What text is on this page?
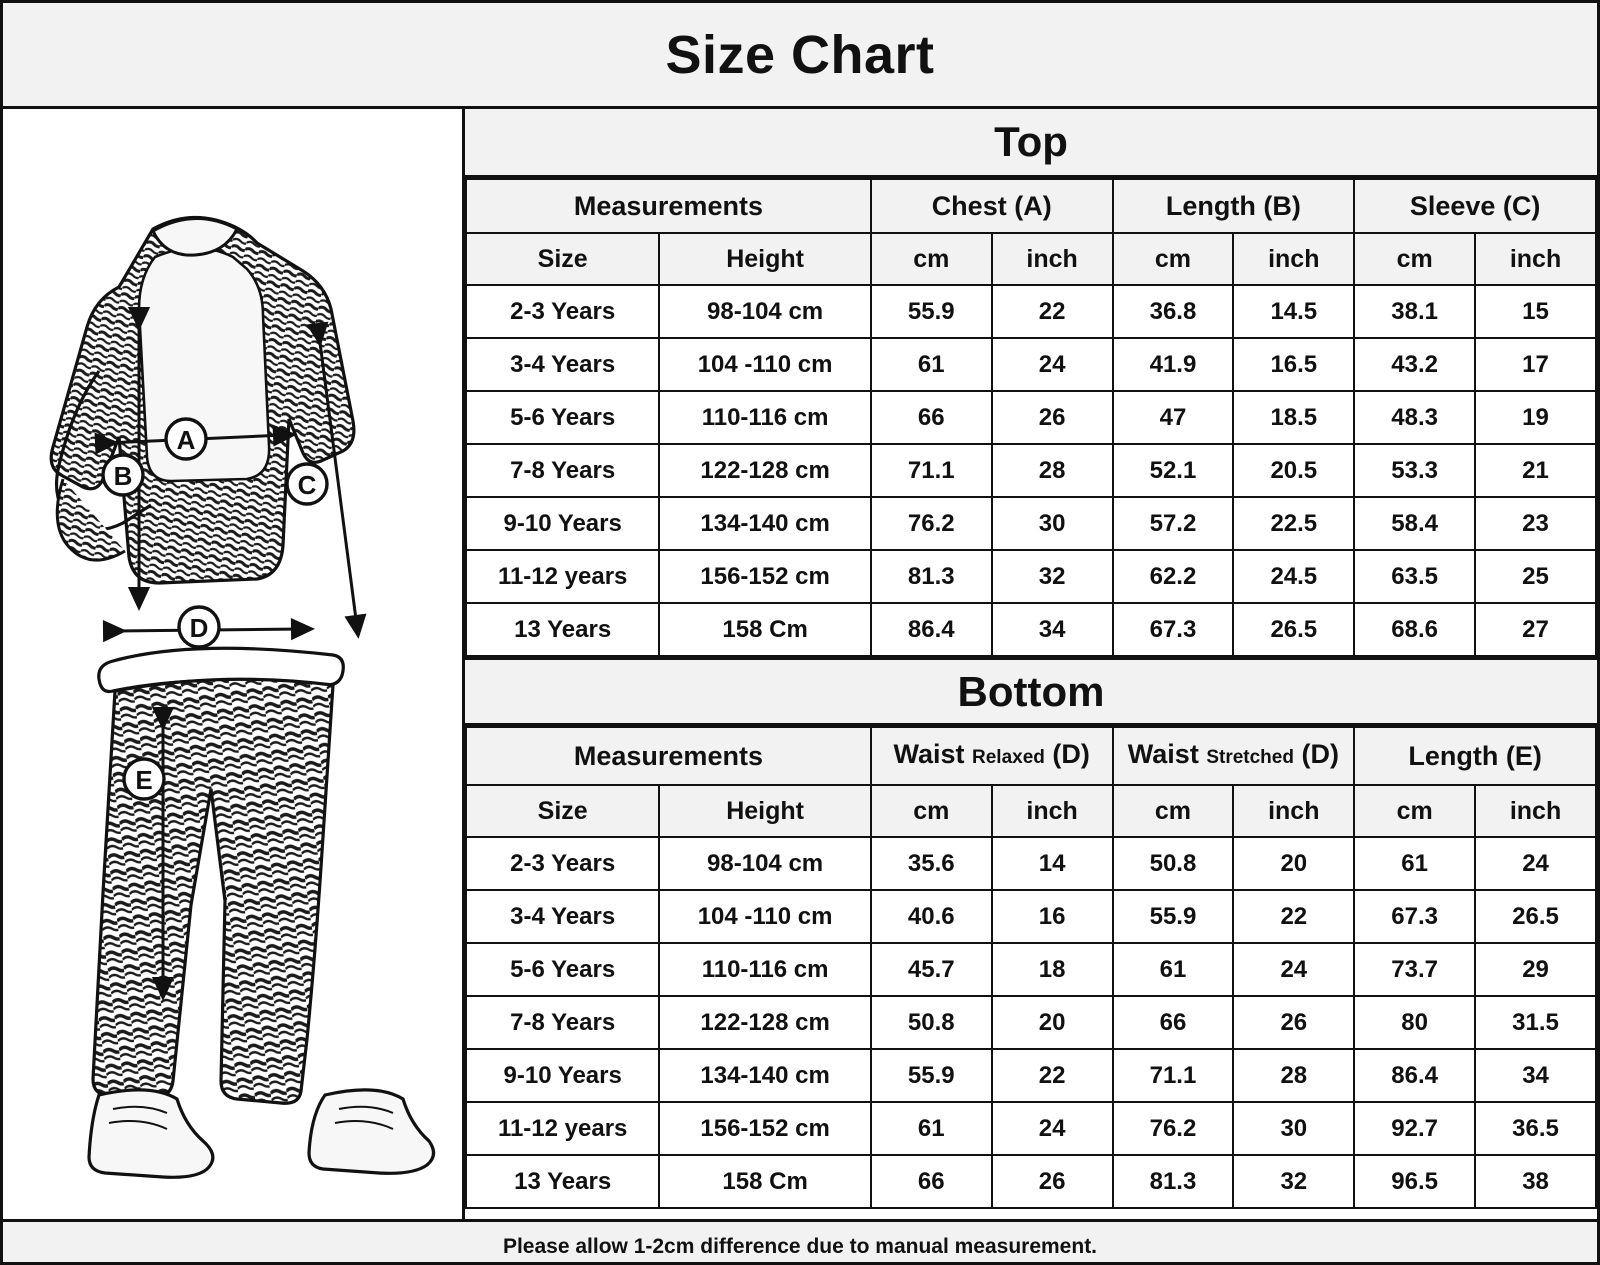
Size Chart
A
B	C
D
E
Top
Measurements		Chest (A)		Length (B)		Sleeve (C)	
Size	Height	cm	inch	cm	inch	cm	inch
2-3 Years	98-104 cm	55.9	22	36.8	14.5	38.1	15
3-4 Years	104 -110 cm	61	24	41.9	16.5	43.2	17
5-6 Years	110-116 cm	66	26	47	18.5	48.3	19
7-8 Years	122-128 cm	71.1	28	52.1	20.5	53.3	21
9-10 Years	134-140 cm	76.2	30	57.2	22.5	58.4	23
11-12 years	156-152 cm	81.3	32	62.2	24.5	63.5	25
13 Years	158 Cm	86.4	34	67.3	26.5	68.6	27
Bottom
Measurements		Waist Relaxed (D)		Waist Stretched (D)		Length (E)	
Size	Height	cm	inch	cm	inch	cm	inch
2-3 Years	98-104 cm	35.6	14	50.8	20	61	24
3-4 Years	104 -110 cm	40.6	16	55.9	22	67.3	26.5
5-6 Years	110-116 cm	45.7	18	61	24	73.7	29
7-8 Years	122-128 cm	50.8	20	66	26	80	31.5
9-10 Years	134-140 cm	55.9	22	71.1	28	86.4	34
11-12 years	156-152 cm	61	24	76.2	30	92.7	36.5
13 Years	158 Cm	66	26	81.3	32	96.5	38
Please allow 1-2cm difference due to manual measurement.
